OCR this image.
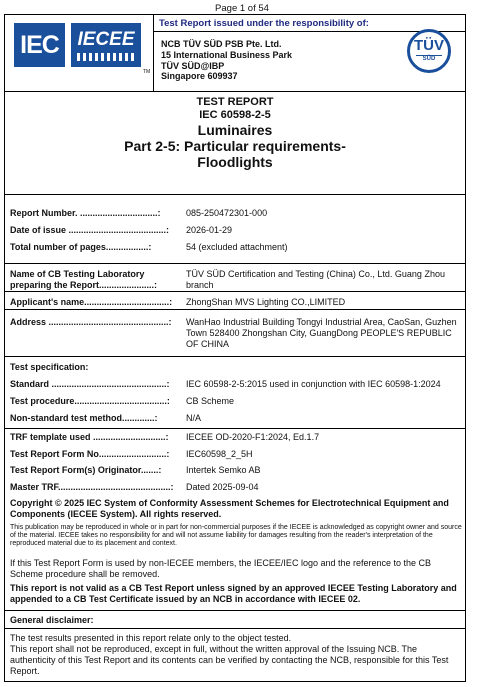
Page 1 of 54
IEC IECEE
TM
Test Report issued under the responsibility of:
NCB TÜV SÜD PSB Pte. Ltd.
15 International Business Park
TÜV SÜD@IBP
Singapore 609937
TÜV
SÜD
TEST REPORT
IEC 60598-2-5
Luminaires
Part 2-5: Particular requirements-
Floodlights
Report Number. ...............................:	085-250472301-000
Date of issue .......................................:	2026-01-29
Total number of pages.................:	54 (excluded attachment)
Name of CB Testing Laboratory
preparing the Report......................:
TÜV SÜD Certification and Testing (China) Co., Ltd. Guang Zhou branch
Applicant's name..................................:	ZhongShan MVS Lighting CO.,LIMITED
Address ................................................:	WanHao Industrial Building Tongyi Industrial Area, CaoSan, Guzhen Town 528400 Zhongshan City, GuangDong PEOPLE'S REPUBLIC OF CHINA
Test specification:
Standard ..............................................:	IEC 60598-2-5:2015 used in conjunction with IEC 60598-1:2024
Test procedure.....................................:	CB Scheme
Non-standard test method.............:	N/A
TRF template used .............................:	IECEE OD-2020-F1:2024, Ed.1.7
Test Report Form No...........................:	IEC60598_2_5H
Test Report Form(s) Originator.......:	Intertek Semko AB
Master TRF.............................................: Dated 2025-09-04
Copyright © 2025 IEC System of Conformity Assessment Schemes for Electrotechnical Equipment and Components (IECEE System). All rights reserved.
This publication may be reproduced in whole or in part for non-commercial purposes if the IECEE is acknowledged as copyright owner and source of the material. IECEE takes no responsibility for and will not assume liability for damages resulting from the reader's interpretation of the reproduced material due to its placement and context.
If this Test Report Form is used by non-IECEE members, the IECEE/IEC logo and the reference to the CB Scheme procedure shall be removed.
This report is not valid as a CB Test Report unless signed by an approved IECEE Testing Laboratory and appended to a CB Test Certificate issued by an NCB in accordance with IECEE 02.
General disclaimer:
The test results presented in this report relate only to the object tested.
This report shall not be reproduced, except in full, without the written approval of the Issuing NCB. The authenticity of this Test Report and its contents can be verified by contacting the NCB, responsible for this Test Report.
